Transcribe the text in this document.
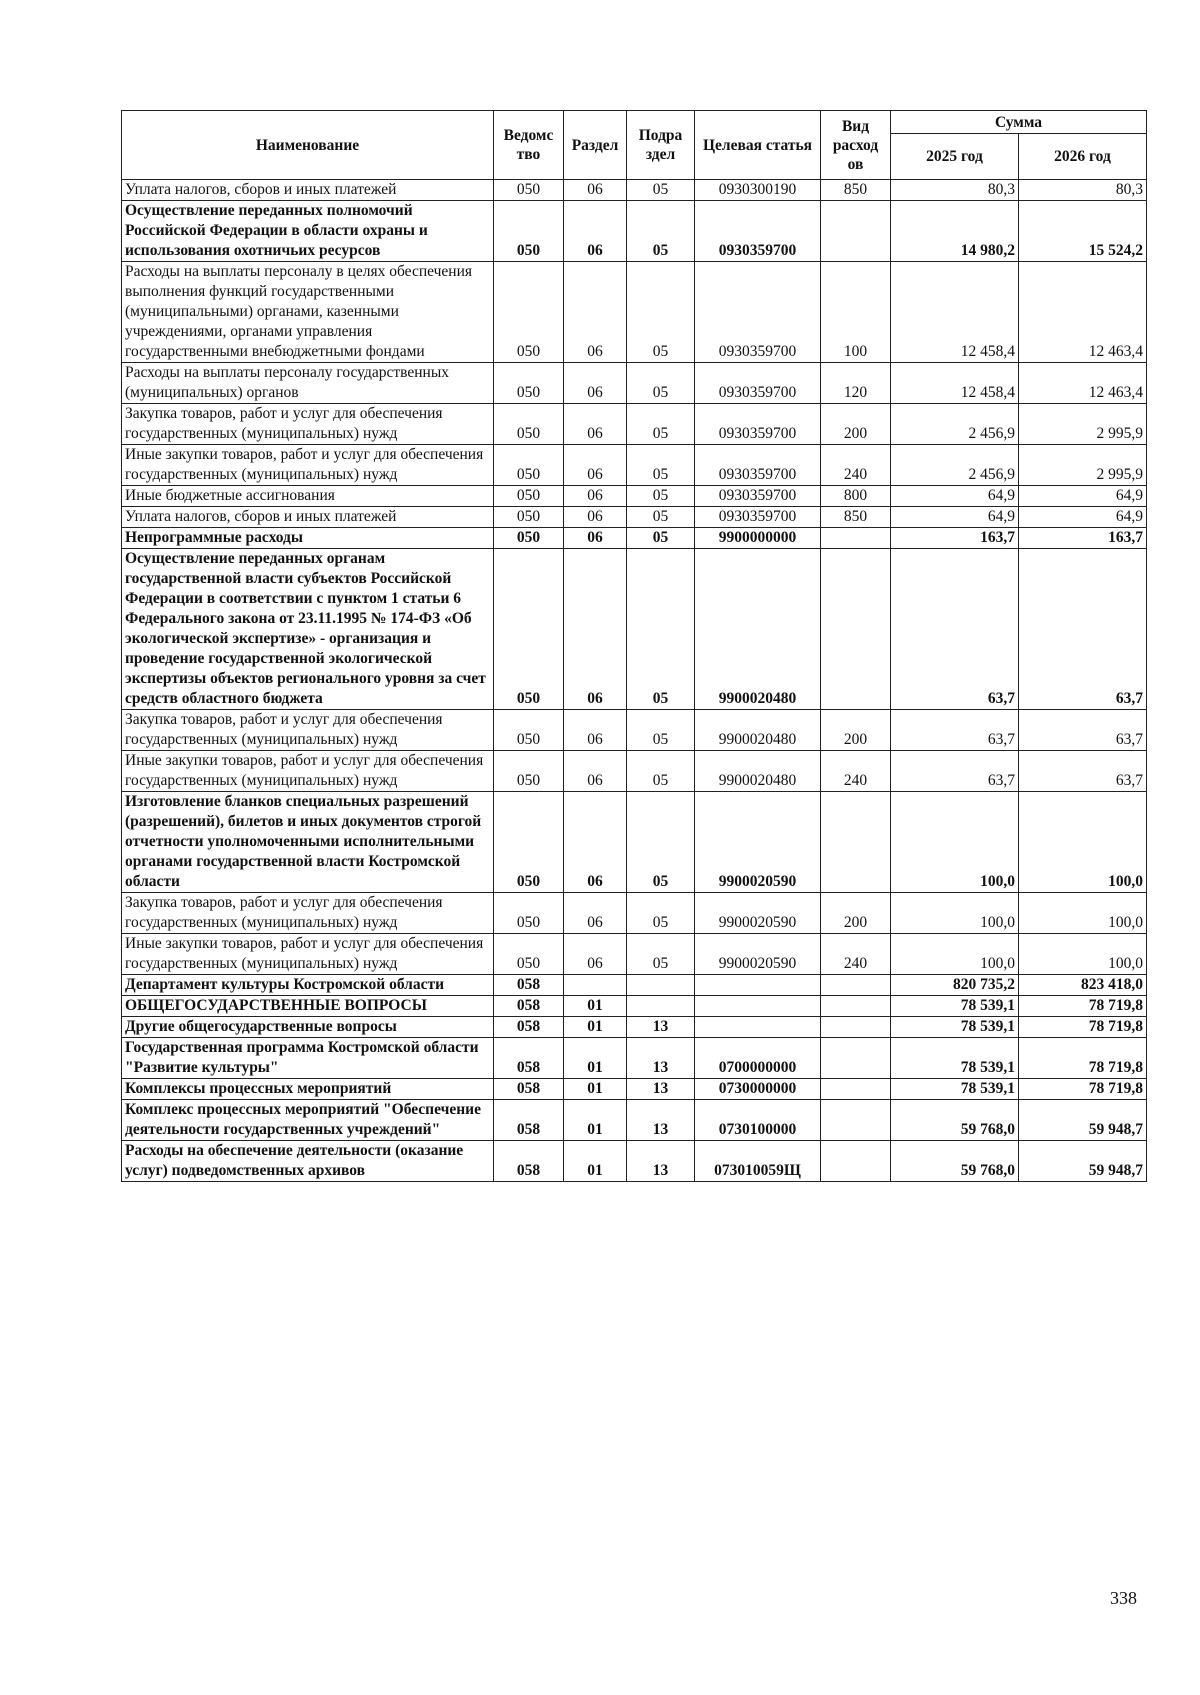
Наименование	Ведомс тво	Раздел	Подра здел	Целевая статья	Вид расход ов	Сумма	
						2025 год	2026 год
Уплата налогов, сборов и иных платежей	050	06	05	0930300190	850	80,3	80,3
Осуществление переданных полномочий Российской Федерации в области охраны и использования охотничьих ресурсов	050	06	05	0930359700		14 980,2	15 524,2
Расходы на выплаты персоналу в целях обеспечения выполнения функций государственными (муниципальными) органами, казенными учреждениями, органами управления государственными внебюджетными фондами	050	06	05	0930359700	100	12 458,4	12 463,4
Расходы на выплаты персоналу государственных (муниципальных) органов	050	06	05	0930359700	120	12 458,4	12 463,4
Закупка товаров, работ и услуг для обеспечения государственных (муниципальных) нужд	050	06	05	0930359700	200	2 456,9	2 995,9
Иные закупки товаров, работ и услуг для обеспечения государственных (муниципальных) нужд	050	06	05	0930359700	240	2 456,9	2 995,9
Иные бюджетные ассигнования	050	06	05	0930359700	800	64,9	64,9
Уплата налогов, сборов и иных платежей	050	06	05	0930359700	850	64,9	64,9
Непрограммные расходы	050	06	05	9900000000		163,7	163,7
Осуществление переданных органам государственной власти субъектов Российской Федерации в соответствии с пунктом 1 статьи 6 Федерального закона от 23.11.1995 № 174-ФЗ «Об экологической экспертизе» - организация и проведение государственной экологической экспертизы объектов регионального уровня за счет средств областного бюджета	050	06	05	9900020480		63,7	63,7
Закупка товаров, работ и услуг для обеспечения государственных (муниципальных) нужд	050	06	05	9900020480	200	63,7	63,7
Иные закупки товаров, работ и услуг для обеспечения государственных (муниципальных) нужд	050	06	05	9900020480	240	63,7	63,7
Изготовление бланков специальных разрешений (разрешений), билетов и иных документов строгой отчетности уполномоченными исполнительными органами государственной власти Костромской области	050	06	05	9900020590		100,0	100,0
Закупка товаров, работ и услуг для обеспечения государственных (муниципальных) нужд	050	06	05	9900020590	200	100,0	100,0
Иные закупки товаров, работ и услуг для обеспечения государственных (муниципальных) нужд	050	06	05	9900020590	240	100,0	100,0
Департамент культуры Костромской области	058					820 735,2	823 418,0
ОБЩЕГОСУДАРСТВЕННЫЕ ВОПРОСЫ	058	01				78 539,1	78 719,8
Другие общегосударственные вопросы	058	01	13			78 539,1	78 719,8
Государственная программа Костромской области "Развитие культуры"	058	01	13	0700000000		78 539,1	78 719,8
Комплексы процессных мероприятий	058	01	13	0730000000		78 539,1	78 719,8
Комплекс процессных мероприятий "Обеспечение деятельности государственных учреждений"	058	01	13	0730100000		59 768,0	59 948,7
Расходы на обеспечение деятельности (оказание услуг) подведомственных архивов	058	01	13	073010059Щ		59 768,0	59 948,7
338
